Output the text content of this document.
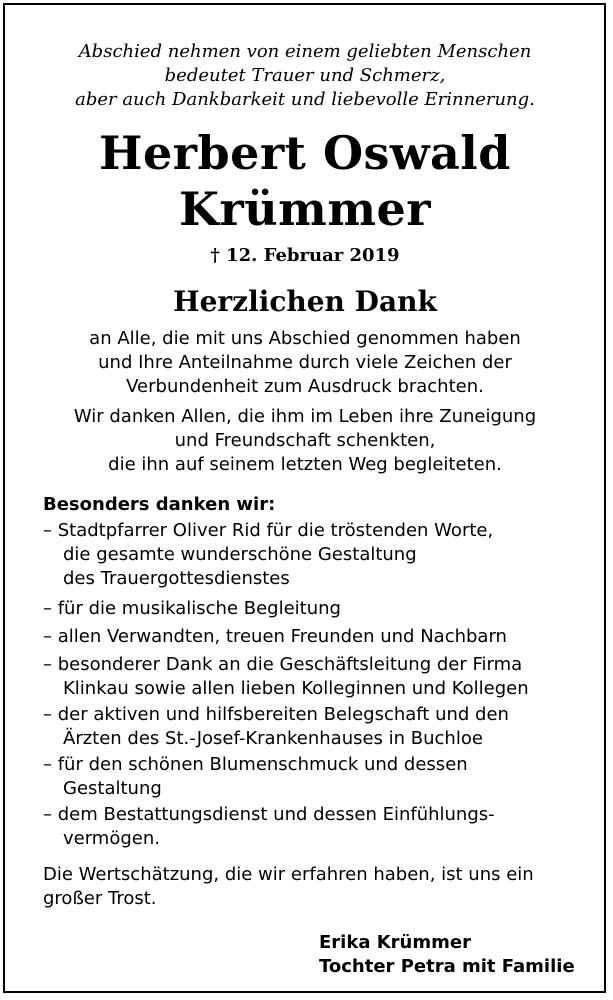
Abschied nehmen von einem geliebten Menschen
bedeutet Trauer und Schmerz,
aber auch Dankbarkeit und liebevolle Erinnerung.
Herbert Oswald
Krümmer
† 12. Februar 2019
Herzlichen Dank
an Alle, die mit uns Abschied genommen haben
und Ihre Anteilnahme durch viele Zeichen der
Verbundenheit zum Ausdruck brachten.
Wir danken Allen, die ihm im Leben ihre Zuneigung
und Freundschaft schenkten,
die ihn auf seinem letzten Weg begleiteten.
Besonders danken wir:
– Stadtpfarrer Oliver Rid für die tröstenden Worte,
die gesamte wunderschöne Gestaltung
des Trauergottesdienstes
– für die musikalische Begleitung
– allen Verwandten, treuen Freunden und Nachbarn
– besonderer Dank an die Geschäftsleitung der Firma
Klinkau sowie allen lieben Kolleginnen und Kollegen
– der aktiven und hilfsbereiten Belegschaft und den
Ärzten des St.-Josef-Krankenhauses in Buchloe
– für den schönen Blumenschmuck und dessen
Gestaltung
– dem Bestattungsdienst und dessen Einfühlungs-
vermögen.
Die Wertschätzung, die wir erfahren haben, ist uns ein
großer Trost.
Erika Krümmer
Tochter Petra mit Familie
